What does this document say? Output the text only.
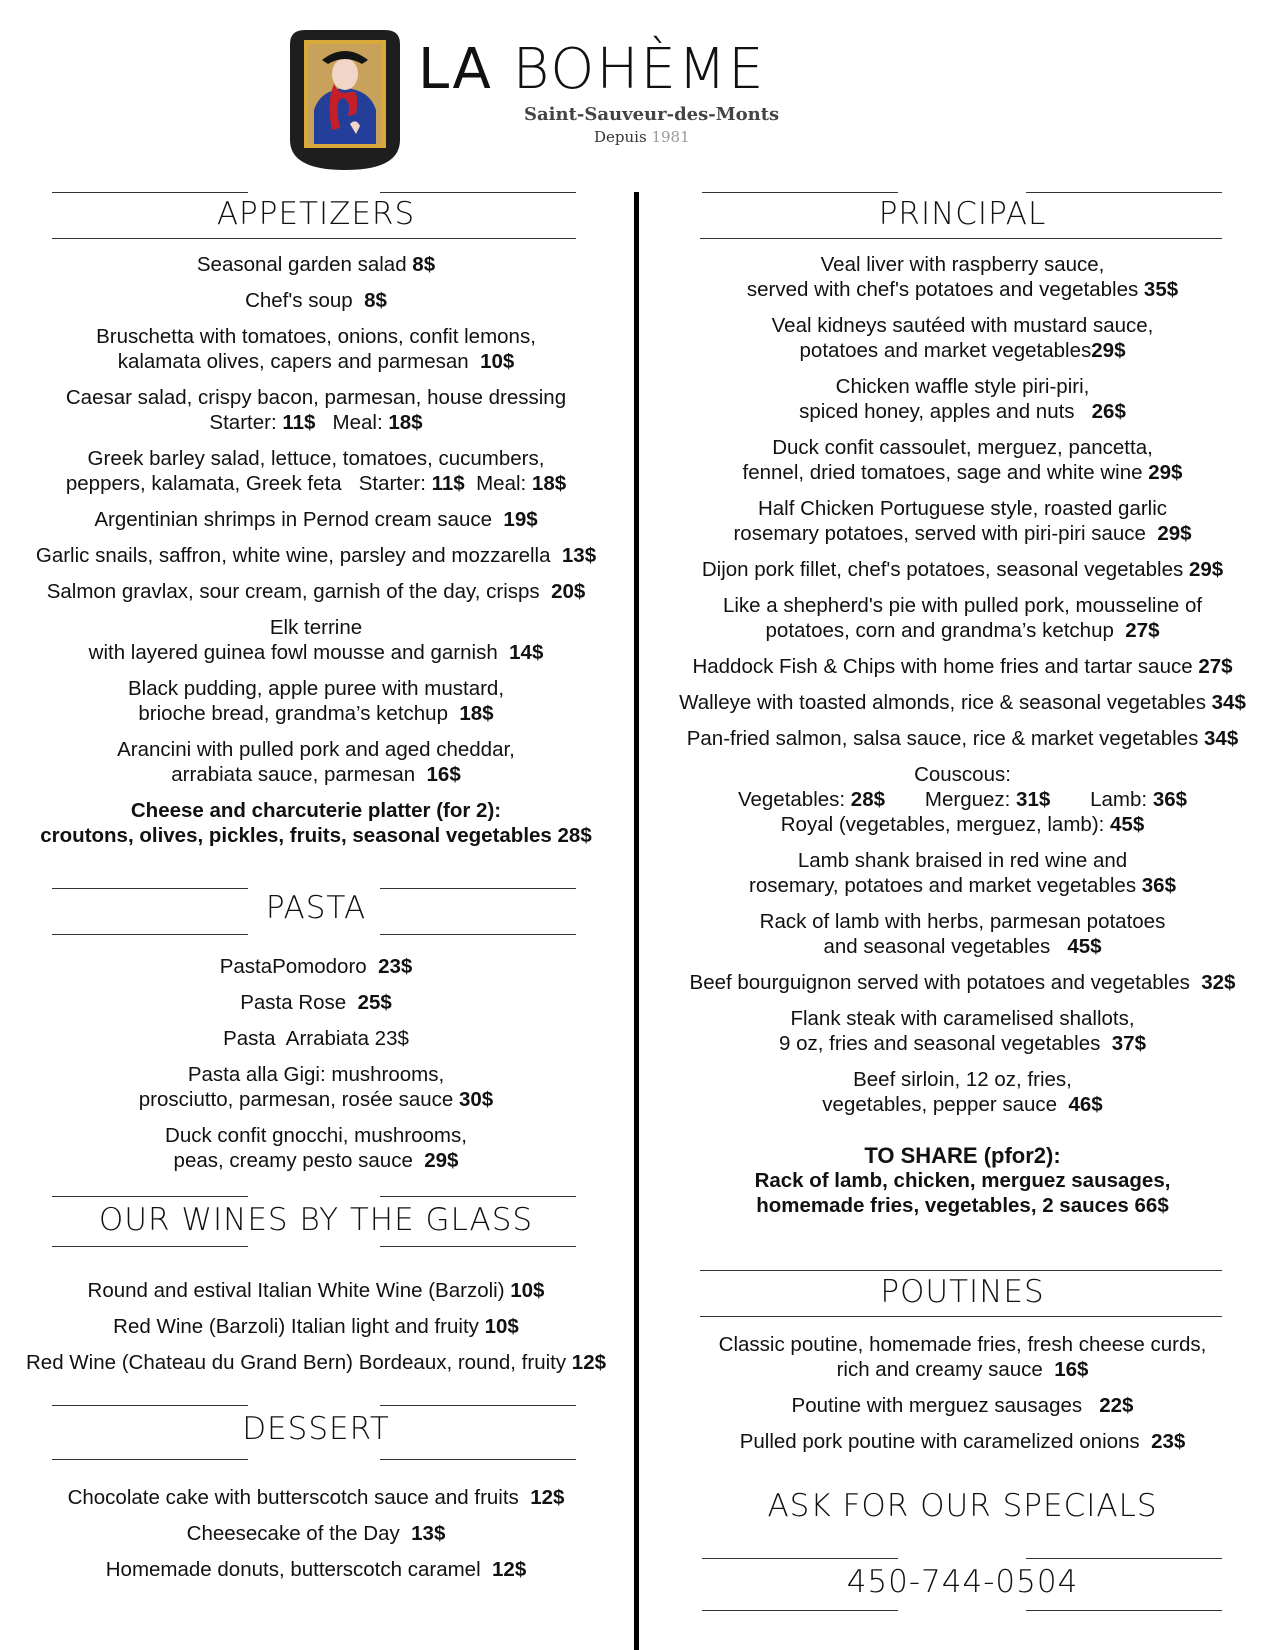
LA BOHÈME
Saint-Sauveur-des-Monts
Depuis 1981
APPETIZERS
Seasonal garden salad 8$
Chef's soup  8$
Bruschetta with tomatoes, onions, confit lemons,
kalamata olives, capers and parmesan  10$
Caesar salad, crispy bacon, parmesan, house dressing
Starter: 11$   Meal: 18$
Greek barley salad, lettuce, tomatoes, cucumbers,
peppers, kalamata, Greek feta   Starter: 11$  Meal: 18$
Argentinian shrimps in Pernod cream sauce  19$
Garlic snails, saffron, white wine, parsley and mozzarella  13$
Salmon gravlax, sour cream, garnish of the day, crisps  20$
Elk terrine
with layered guinea fowl mousse and garnish  14$
Black pudding, apple puree with mustard,
brioche bread, grandma’s ketchup  18$
Arancini with pulled pork and aged cheddar,
arrabiata sauce, parmesan  16$
Cheese and charcuterie platter (for 2):
croutons, olives, pickles, fruits, seasonal vegetables 28$
PASTA
PastaPomodoro  23$
Pasta Rose  25$
Pasta  Arrabiata 23$
Pasta alla Gigi: mushrooms,
prosciutto, parmesan, rosée sauce 30$
Duck confit gnocchi, mushrooms,
peas, creamy pesto sauce  29$
OUR WINES BY THE GLASS
Round and estival Italian White Wine (Barzoli) 10$
Red Wine (Barzoli) Italian light and fruity 10$
Red Wine (Chateau du Grand Bern) Bordeaux, round, fruity 12$
DESSERT
Chocolate cake with butterscotch sauce and fruits  12$
Cheesecake of the Day  13$
Homemade donuts, butterscotch caramel  12$
PRINCIPAL
Veal liver with raspberry sauce,
served with chef's potatoes and vegetables 35$
Veal kidneys sautéed with mustard sauce,
potatoes and market vegetables29$
Chicken waffle style piri-piri,
spiced honey, apples and nuts   26$
Duck confit cassoulet, merguez, pancetta,
fennel, dried tomatoes, sage and white wine 29$
Half Chicken Portuguese style, roasted garlic
rosemary potatoes, served with piri-piri sauce  29$
Dijon pork fillet, chef's potatoes, seasonal vegetables 29$
Like a shepherd's pie with pulled pork, mousseline of
potatoes, corn and grandma’s ketchup  27$
Haddock Fish & Chips with home fries and tartar sauce 27$
Walleye with toasted almonds, rice & seasonal vegetables 34$
Pan-fried salmon, salsa sauce, rice & market vegetables 34$
Couscous:
Vegetables: 28$       Merguez: 31$       Lamb: 36$
Royal (vegetables, merguez, lamb): 45$
Lamb shank braised in red wine and
rosemary, potatoes and market vegetables 36$
Rack of lamb with herbs, parmesan potatoes
and seasonal vegetables   45$
Beef bourguignon served with potatoes and vegetables  32$
Flank steak with caramelised shallots,
9 oz, fries and seasonal vegetables  37$
Beef sirloin, 12 oz, fries,
vegetables, pepper sauce  46$
TO SHARE (pfor2):
Rack of lamb, chicken, merguez sausages,
homemade fries, vegetables, 2 sauces 66$
POUTINES
Classic poutine, homemade fries, fresh cheese curds,
rich and creamy sauce  16$
Poutine with merguez sausages   22$
Pulled pork poutine with caramelized onions  23$
ASK FOR OUR SPECIALS
450-744-0504
